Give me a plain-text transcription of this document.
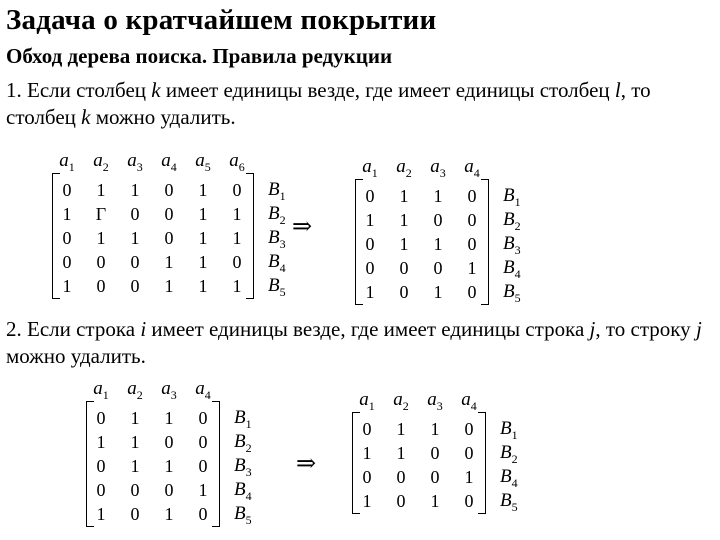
Задача о кратчайшем покрытии
Обход дерева поиска. Правила редукции

1. Если столбец k имеет единицы везде, где имеет единицы столбец l, то столбец k можно удалить.

$a_1$ $a_2$ $a_3$ $a_4$ $a_5$ $a_6$
0	1	1	0	1	0	$B_1$
1	Г	0	0	1	1	$B_2$
0	1	1	0	1	1	$B_3$
0	0	0	1	1	0	$B_4$
1	0	0	1	1	1	$B_5$
⇒
$a_1$ $a_2$ $a_3$ $a_4$
0	1	1	0	$B_1$
1	1	0	0	$B_2$
0	1	1	0	$B_3$
0	0	0	1	$B_4$
1	0	1	0	$B_5$

2. Если строка i имеет единицы везде, где имеет единицы строка j, то строку j можно удалить.

$a_1$ $a_2$ $a_3$ $a_4$
0	1	1	0	$B_1$
1	1	0	0	$B_2$
0	1	1	0	$B_3$
0	0	0	1	$B_4$
1	0	1	0	$B_5$
⇒
$a_1$ $a_2$ $a_3$ $a_4$
0	1	1	0	$B_1$
1	1	0	0	$B_2$
0	0	0	1	$B_4$
1	0	1	0	$B_5$
